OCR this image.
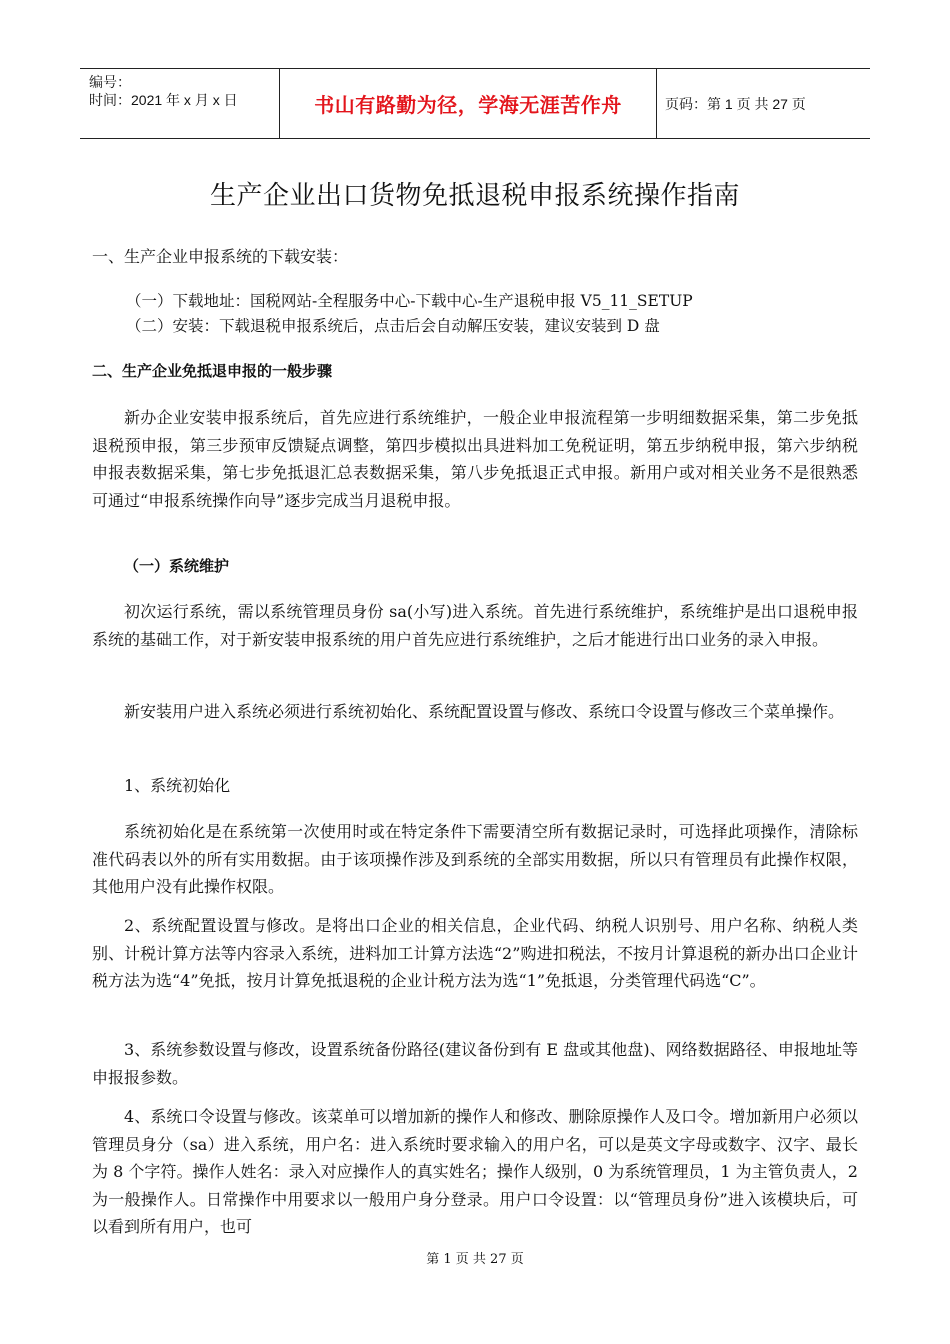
编号：
时间：2021 年 x 月 x 日	书山有路勤为径，学海无涯苦作舟	页码：第 1 页 共 27 页
生产企业出口货物免抵退税申报系统操作指南
一、生产企业申报系统的下载安装：
（一）下载地址：国税网站-全程服务中心-下载中心-生产退税申报 V5_11_SETUP
（二）安装：下载退税申报系统后，点击后会自动解压安装，建议安装到 D 盘
二、生产企业免抵退申报的一般步骤
新办企业安装申报系统后，首先应进行系统维护，一般企业申报流程第一步明细数据采集，第二步免抵退税预申报，第三步预审反馈疑点调整，第四步模拟出具进料加工免税证明，第五步纳税申报，第六步纳税申报表数据采集，第七步免抵退汇总表数据采集，第八步免抵退正式申报。新用户或对相关业务不是很熟悉可通过“申报系统操作向导”逐步完成当月退税申报。
（一）系统维护
初次运行系统，需以系统管理员身份 sa(小写)进入系统。首先进行系统维护，系统维护是出口退税申报系统的基础工作，对于新安装申报系统的用户首先应进行系统维护，之后才能进行出口业务的录入申报。
新安装用户进入系统必须进行系统初始化、系统配置设置与修改、系统口令设置与修改三个菜单操作。
1、系统初始化
系统初始化是在系统第一次使用时或在特定条件下需要清空所有数据记录时，可选择此项操作，清除标准代码表以外的所有实用数据。由于该项操作涉及到系统的全部实用数据，所以只有管理员有此操作权限，其他用户没有此操作权限。
2、系统配置设置与修改。是将出口企业的相关信息，企业代码、纳税人识别号、用户名称、纳税人类别、计税计算方法等内容录入系统，进料加工计算方法选“2”购进扣税法，不按月计算退税的新办出口企业计税方法为选“4”免抵，按月计算免抵退税的企业计税方法为选“1”免抵退，分类管理代码选“C”。
3、系统参数设置与修改，设置系统备份路径(建议备份到有 E 盘或其他盘)、网络数据路径、申报地址等申报报参数。
4、系统口令设置与修改。该菜单可以增加新的操作人和修改、删除原操作人及口令。增加新用户必须以管理员身分（sa）进入系统，用户名：进入系统时要求输入的用户名，可以是英文字母或数字、汉字、最长为 8 个字符。操作人姓名：录入对应操作人的真实姓名；操作人级别，0 为系统管理员，1 为主管负责人，2 为一般操作人。日常操作中用要求以一般用户身分登录。用户口令设置：以“管理员身份”进入该模块后，可以看到所有用户，也可
第 1 页 共 27 页
